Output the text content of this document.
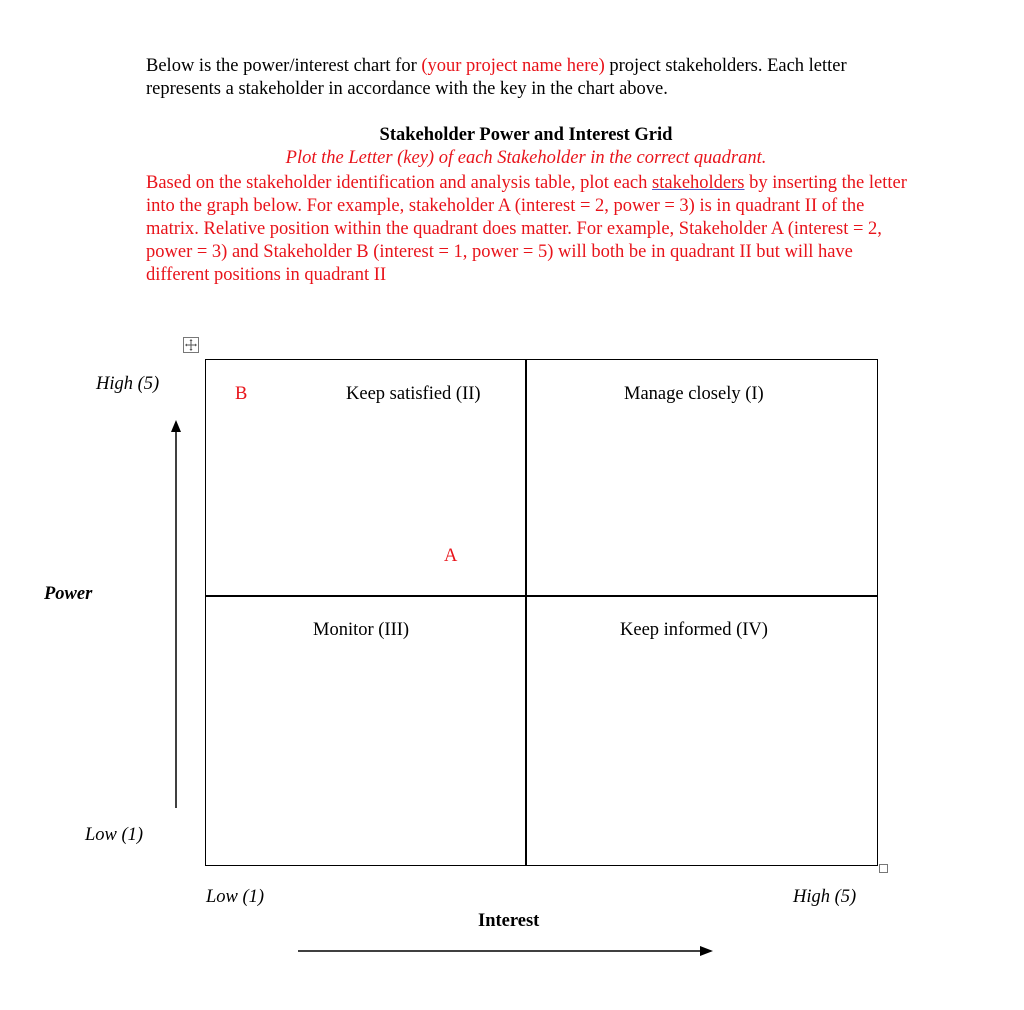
Below is the power/interest chart for (your project name here) project stakeholders. Each letter represents a stakeholder in accordance with the key in the chart above.
Stakeholder Power and Interest Grid
Plot the Letter (key) of each Stakeholder in the correct quadrant.
Based on the stakeholder identification and analysis table, plot each stakeholders by inserting the letter into the graph below. For example, stakeholder A (interest = 2, power = 3) is in quadrant II of the matrix. Relative position within the quadrant does matter. For example, Stakeholder A (interest = 2, power = 3) and Stakeholder B (interest = 1, power = 5) will both be in quadrant II but will have different positions in quadrant II
Keep satisfied (II)	Manage closely (I)
Monitor (III)	Keep informed (IV)
B
A
High (5)
Power
Low (1)
Low (1)	High (5)
Interest
